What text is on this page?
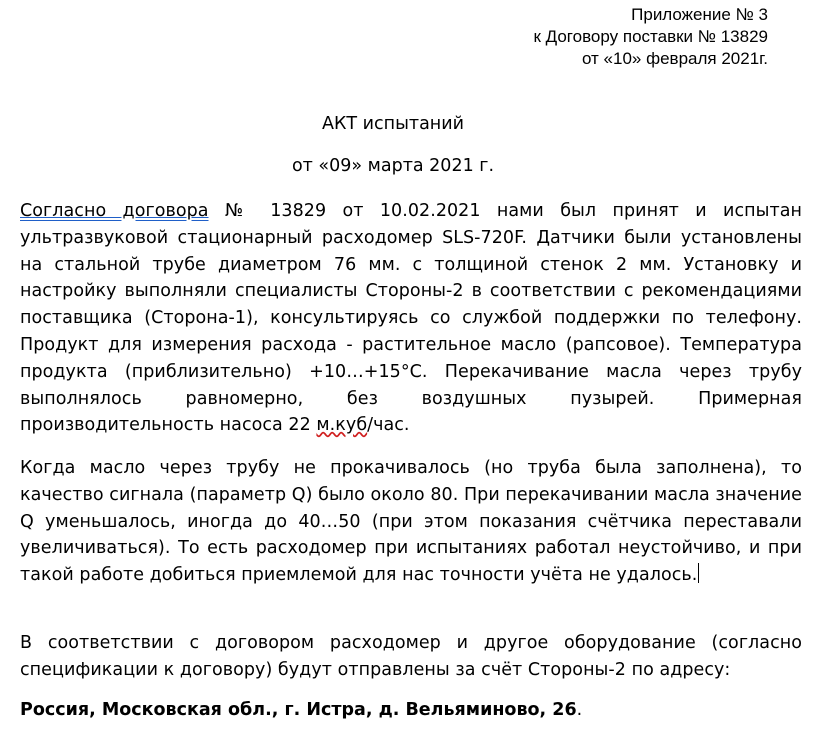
Приложение № 3
к Договору поставки № 13829
от «10» февраля 2021г.
АКТ испытаний
от «09» марта 2021 г.
Согласно договора № 13829 от 10.02.2021 нами был принят и испытан ультразвуковой стационарный расходомер SLS-720F. Датчики были установлены на стальной трубе диаметром 76 мм. с толщиной стенок 2 мм. Установку и настройку выполняли специалисты Стороны-2 в соответствии с рекомендациями поставщика (Сторона-1), консультируясь со службой поддержки по телефону. Продукт для измерения расхода - растительное масло (рапсовое). Температура продукта (приблизительно) +10…+15°С. Перекачивание масла через трубу выполнялось равномерно, без воздушных пузырей. Примерная производительность насоса 22 м.куб/час.
Когда масло через трубу не прокачивалось (но труба была заполнена), то качество сигнала (параметр Q) было около 80. При перекачивании масла значение Q уменьшалось, иногда до 40…50 (при этом показания счётчика переставали увеличиваться). То есть расходомер при испытаниях работал неустойчиво, и при такой работе добиться приемлемой для нас точности учёта не удалось.
В соответствии с договором расходомер и другое оборудование (согласно спецификации к договору) будут отправлены за счёт Стороны-2 по адресу:
Россия, Московская обл., г. Истра, д. Вельяминово, 26.
